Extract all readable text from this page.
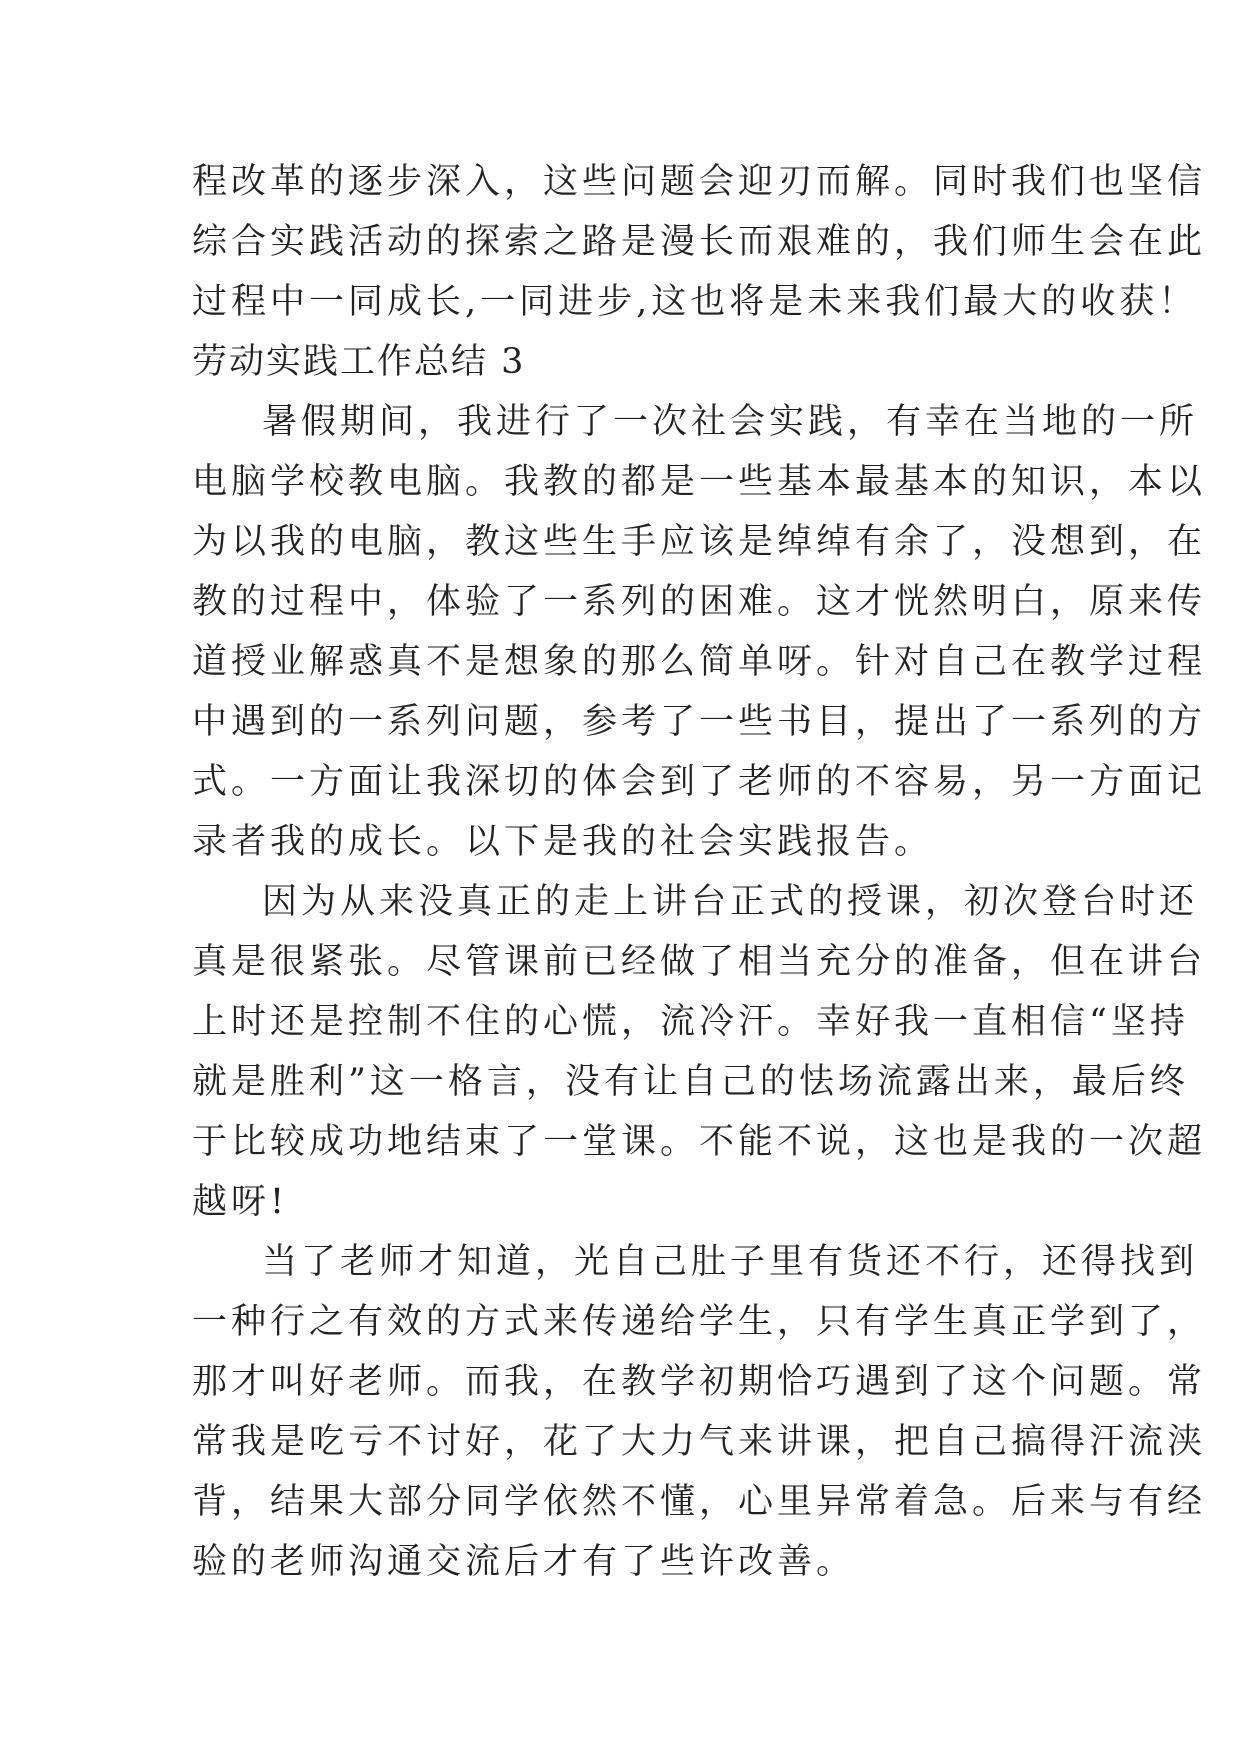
程改革的逐步深入，这些问题会迎刃而解。同时我们也坚信
综合实践活动的探索之路是漫长而艰难的，我们师生会在此
过程中一同成长,一同进步,这也将是未来我们最大的收获！
劳动实践工作总结 3
暑假期间，我进行了一次社会实践，有幸在当地的一所
电脑学校教电脑。我教的都是一些基本最基本的知识，本以
为以我的电脑，教这些生手应该是绰绰有余了，没想到，在
教的过程中，体验了一系列的困难。这才恍然明白，原来传
道授业解惑真不是想象的那么简单呀。针对自己在教学过程
中遇到的一系列问题，参考了一些书目，提出了一系列的方
式。一方面让我深切的体会到了老师的不容易，另一方面记
录者我的成长。以下是我的社会实践报告。
因为从来没真正的走上讲台正式的授课，初次登台时还
真是很紧张。尽管课前已经做了相当充分的准备，但在讲台
上时还是控制不住的心慌，流冷汗。幸好我一直相信“坚持
就是胜利”这一格言，没有让自己的怯场流露出来，最后终
于比较成功地结束了一堂课。不能不说，这也是我的一次超
越呀!
当了老师才知道，光自己肚子里有货还不行，还得找到
一种行之有效的方式来传递给学生，只有学生真正学到了，
那才叫好老师。而我，在教学初期恰巧遇到了这个问题。常
常我是吃亏不讨好，花了大力气来讲课，把自己搞得汗流浃
背，结果大部分同学依然不懂，心里异常着急。后来与有经
验的老师沟通交流后才有了些许改善。
